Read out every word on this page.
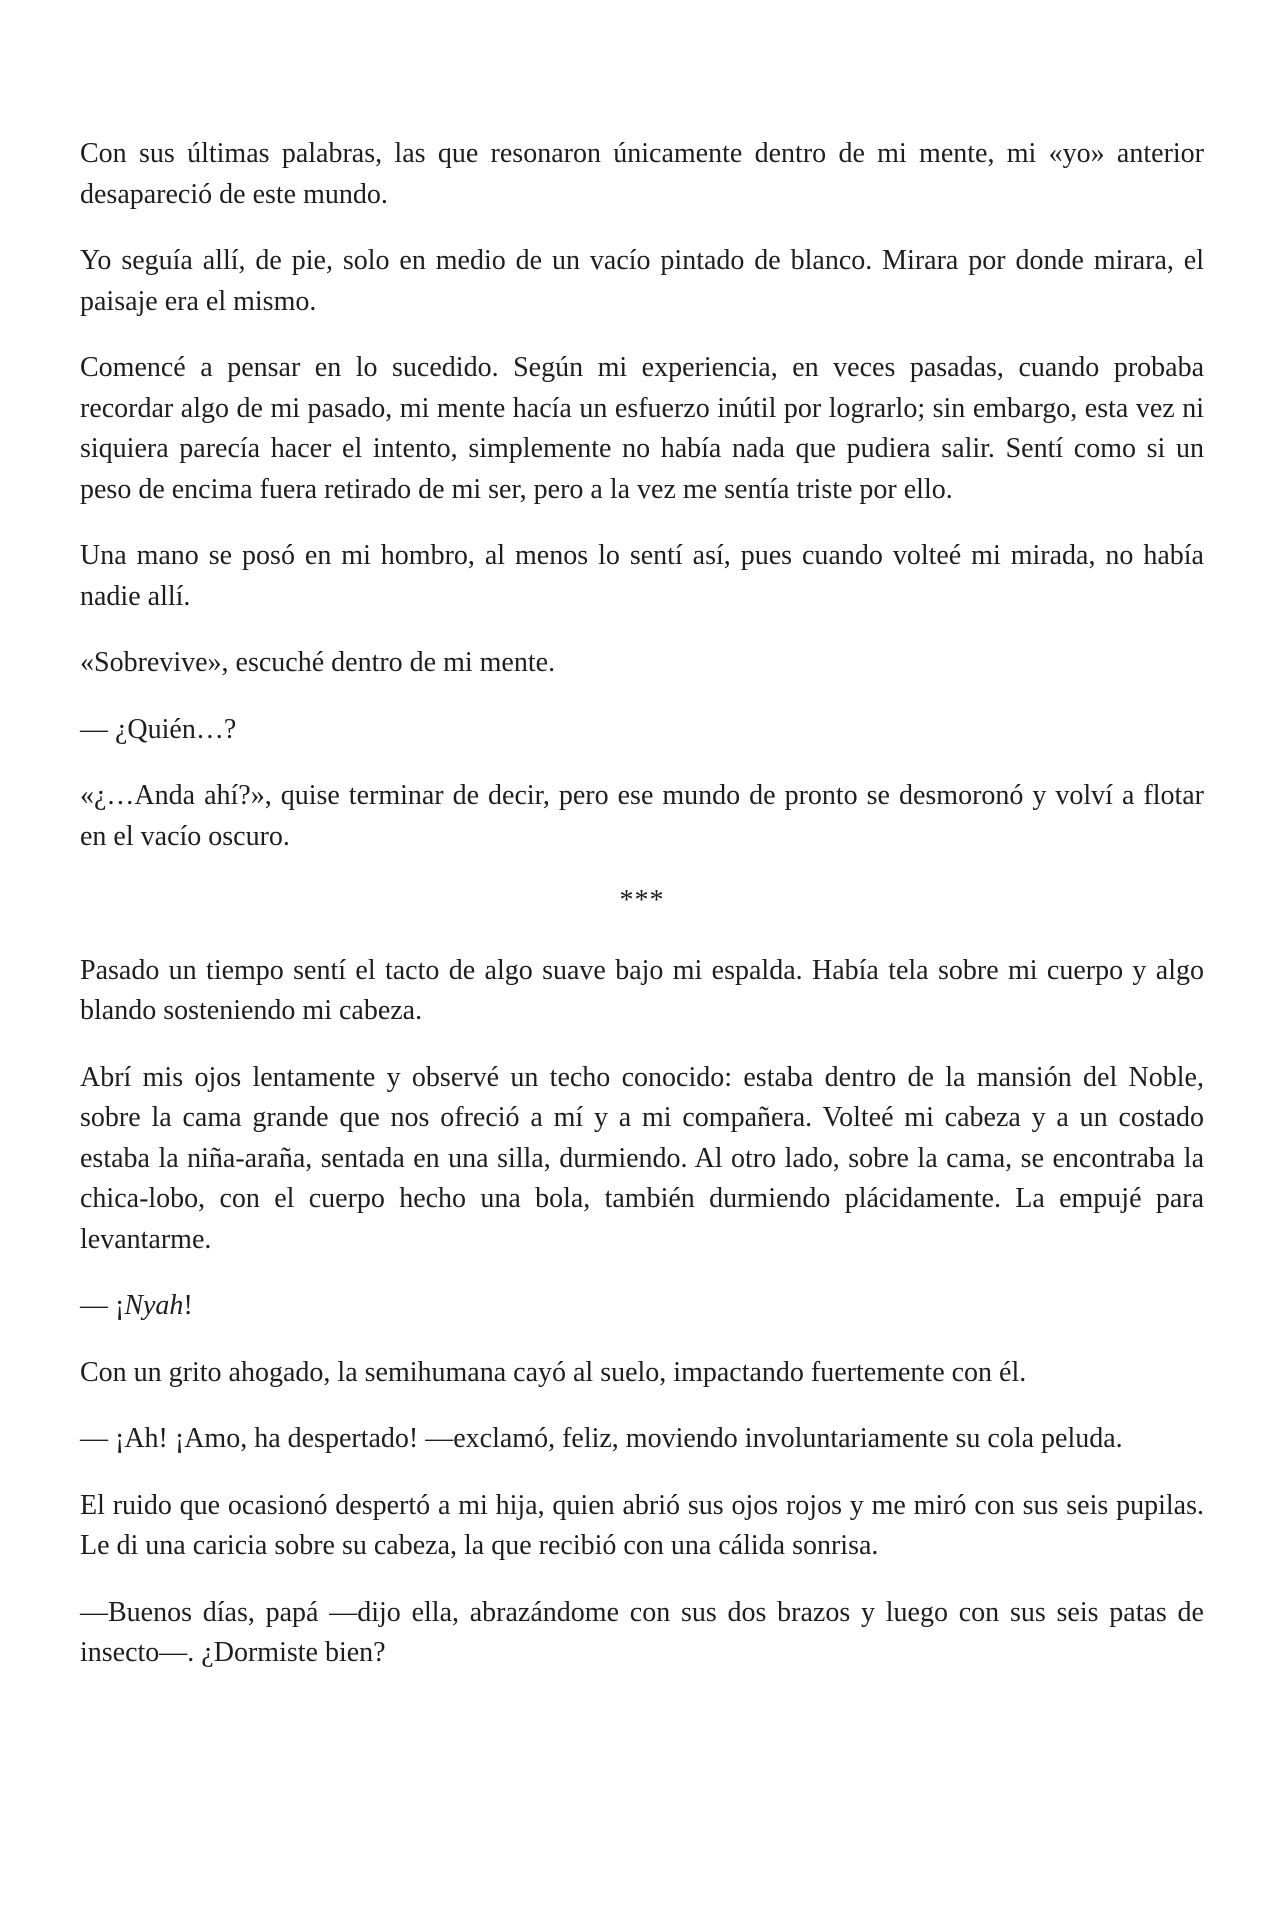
Con sus últimas palabras, las que resonaron únicamente dentro de mi mente, mi «yo» anterior desapareció de este mundo.

Yo seguía allí, de pie, solo en medio de un vacío pintado de blanco. Mirara por donde mirara, el paisaje era el mismo.

Comencé a pensar en lo sucedido. Según mi experiencia, en veces pasadas, cuando probaba recordar algo de mi pasado, mi mente hacía un esfuerzo inútil por lograrlo; sin embargo, esta vez ni siquiera parecía hacer el intento, simplemente no había nada que pudiera salir. Sentí como si un peso de encima fuera retirado de mi ser, pero a la vez me sentía triste por ello.

Una mano se posó en mi hombro, al menos lo sentí así, pues cuando volteé mi mirada, no había nadie allí.

«Sobrevive», escuché dentro de mi mente.

— ¿Quién…?

«¿…Anda ahí?», quise terminar de decir, pero ese mundo de pronto se desmoronó y volví a flotar en el vacío oscuro.

***

Pasado un tiempo sentí el tacto de algo suave bajo mi espalda. Había tela sobre mi cuerpo y algo blando sosteniendo mi cabeza.

Abrí mis ojos lentamente y observé un techo conocido: estaba dentro de la mansión del Noble, sobre la cama grande que nos ofreció a mí y a mi compañera. Volteé mi cabeza y a un costado estaba la niña-araña, sentada en una silla, durmiendo. Al otro lado, sobre la cama, se encontraba la chica-lobo, con el cuerpo hecho una bola, también durmiendo plácidamente. La empujé para levantarme.

— ¡Nyah!

Con un grito ahogado, la semihumana cayó al suelo, impactando fuertemente con él.

— ¡Ah! ¡Amo, ha despertado! —exclamó, feliz, moviendo involuntariamente su cola peluda.

El ruido que ocasionó despertó a mi hija, quien abrió sus ojos rojos y me miró con sus seis pupilas. Le di una caricia sobre su cabeza, la que recibió con una cálida sonrisa.

—Buenos días, papá —dijo ella, abrazándome con sus dos brazos y luego con sus seis patas de insecto—. ¿Dormiste bien?
